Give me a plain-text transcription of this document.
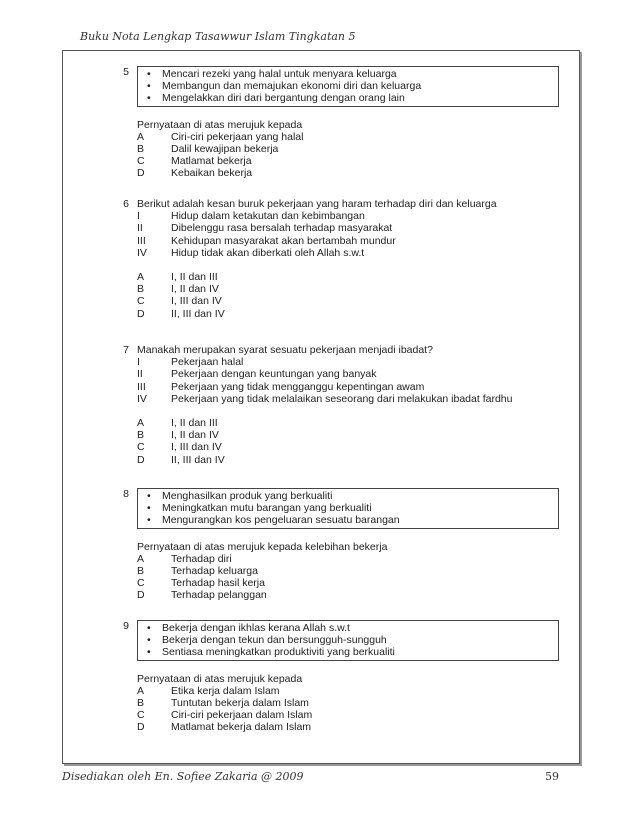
Buku Nota Lengkap Tasawwur Islam Tingkatan 5
5	• Mencari rezeki yang halal untuk menyara keluarga
• Membangun dan memajukan ekonomi diri dan keluarga
• Mengelakkan diri dari bergantung dengan orang lain
Pernyataan di atas merujuk kepada
A	Ciri-ciri pekerjaan yang halal
B	Dalil kewajipan bekerja
C	Matlamat bekerja
D	Kebaikan bekerja
6 Berikut adalah kesan buruk pekerjaan yang haram terhadap diri dan keluarga
I	Hidup dalam ketakutan dan kebimbangan
II	Dibelenggu rasa bersalah terhadap masyarakat
III	Kehidupan masyarakat akan bertambah mundur
IV	Hidup tidak akan diberkati oleh Allah s.w.t
A	I, II dan III
B	I, II dan IV
C	I, III dan IV
D	II, III dan IV
7 Manakah merupakan syarat sesuatu pekerjaan menjadi ibadat?
I	Pekerjaan halal
II	Pekerjaan dengan keuntungan yang banyak
III	Pekerjaan yang tidak mengganggu kepentingan awam
IV	Pekerjaan yang tidak melalaikan seseorang dari melakukan ibadat fardhu
A	I, II dan III
B	I, II dan IV
C	I, III dan IV
D	II, III dan IV
8	• Menghasilkan produk yang berkualiti
• Meningkatkan mutu barangan yang berkualiti
• Mengurangkan kos pengeluaran sesuatu barangan
Pernyataan di atas merujuk kepada kelebihan bekerja
A	Terhadap diri
B	Terhadap keluarga
C	Terhadap hasil kerja
D	Terhadap pelanggan
9	• Bekerja dengan ikhlas kerana Allah s.w.t
• Bekerja dengan tekun dan bersungguh-sungguh
• Sentiasa meningkatkan produktiviti yang berkualiti
Pernyataan di atas merujuk kepada
A	Etika kerja dalam Islam
B	Tuntutan bekerja dalam Islam
C	Ciri-ciri pekerjaan dalam Islam
D	Matlamat bekerja dalam Islam
Disediakan oleh En. Sofiee Zakaria @ 2009	59
